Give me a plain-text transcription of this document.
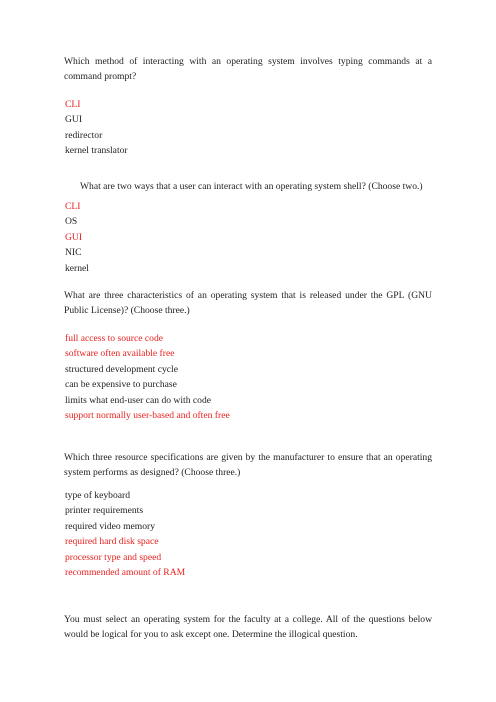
Which method of interacting with an operating system involves typing commands at a command prompt?
CLI
GUI
redirector
kernel translator
What are two ways that a user can interact with an operating system shell? (Choose two.)
CLI
OS
GUI
NIC
kernel
What are three characteristics of an operating system that is released under the GPL (GNU Public License)? (Choose three.)
full access to source code
software often available free
structured development cycle
can be expensive to purchase
limits what end-user can do with code
support normally user-based and often free
Which three resource specifications are given by the manufacturer to ensure that an operating system performs as designed? (Choose three.)
type of keyboard
printer requirements
required video memory
required hard disk space
processor type and speed
recommended amount of RAM
You must select an operating system for the faculty at a college. All of the questions below would be logical for you to ask except one. Determine the illogical question.
